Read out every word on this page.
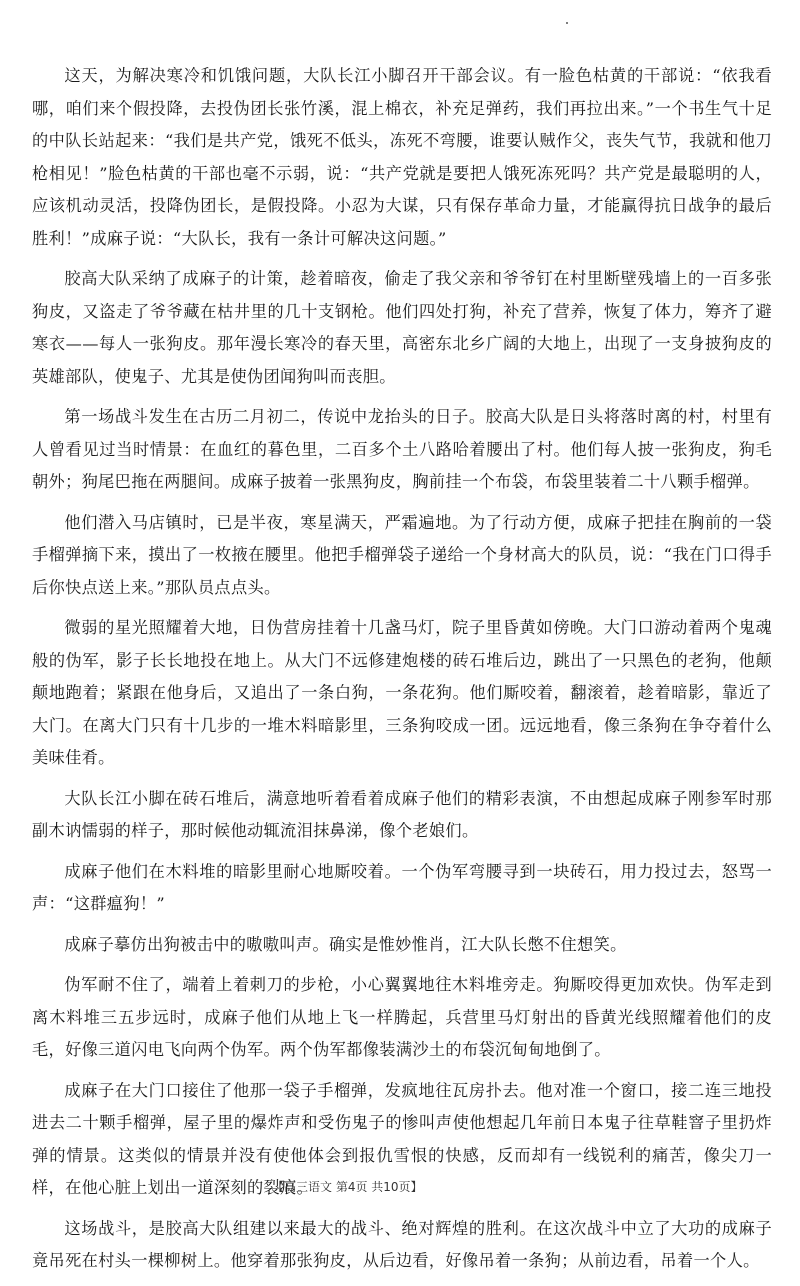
这天，为解决寒冷和饥饿问题，大队长江小脚召开干部会议。有一脸色枯黄的干部说：“依我看哪，咱们来个假投降，去投伪团长张竹溪，混上棉衣，补充足弹药，我们再拉出来。”一个书生气十足的中队长站起来：“我们是共产党，饿死不低头，冻死不弯腰，谁要认贼作父，丧失气节，我就和他刀枪相见！”脸色枯黄的干部也毫不示弱，说：“共产党就是要把人饿死冻死吗？共产党是最聪明的人，应该机动灵活，投降伪团长，是假投降。小忍为大谋，只有保存革命力量，才能赢得抗日战争的最后胜利！”成麻子说：“大队长，我有一条计可解决这问题。”

胶高大队采纳了成麻子的计策，趁着暗夜，偷走了我父亲和爷爷钉在村里断壁残墙上的一百多张狗皮，又盗走了爷爷藏在枯井里的几十支钢枪。他们四处打狗，补充了营养，恢复了体力，筹齐了避寒衣——每人一张狗皮。那年漫长寒冷的春天里，高密东北乡广阔的大地上，出现了一支身披狗皮的英雄部队，使鬼子、尤其是使伪团闻狗叫而丧胆。

第一场战斗发生在古历二月初二，传说中龙抬头的日子。胶高大队是日头将落时离的村，村里有人曾看见过当时情景：在血红的暮色里，二百多个土八路哈着腰出了村。他们每人披一张狗皮，狗毛朝外；狗尾巴拖在两腿间。成麻子披着一张黑狗皮，胸前挂一个布袋，布袋里装着二十八颗手榴弹。

他们潜入马店镇时，已是半夜，寒星满天，严霜遍地。为了行动方便，成麻子把挂在胸前的一袋手榴弹摘下来，摸出了一枚掖在腰里。他把手榴弹袋子递给一个身材高大的队员，说：“我在门口得手后你快点送上来。”那队员点点头。

微弱的星光照耀着大地，日伪营房挂着十几盏马灯，院子里昏黄如傍晚。大门口游动着两个鬼魂般的伪军，影子长长地投在地上。从大门不远修建炮楼的砖石堆后边，跳出了一只黑色的老狗，他颠颠地跑着；紧跟在他身后，又追出了一条白狗，一条花狗。他们厮咬着，翻滚着，趁着暗影，靠近了大门。在离大门只有十几步的一堆木料暗影里，三条狗咬成一团。远远地看，像三条狗在争夺着什么美味佳肴。

大队长江小脚在砖石堆后，满意地听着看着成麻子他们的精彩表演，不由想起成麻子刚参军时那副木讷懦弱的样子，那时候他动辄流泪抹鼻涕，像个老娘们。

成麻子他们在木料堆的暗影里耐心地厮咬着。一个伪军弯腰寻到一块砖石，用力投过去，怒骂一声：“这群瘟狗！”

成麻子摹仿出狗被击中的嗷嗷叫声。确实是惟妙惟肖，江大队长憋不住想笑。

伪军耐不住了，端着上着刺刀的步枪，小心翼翼地往木料堆旁走。狗厮咬得更加欢快。伪军走到离木料堆三五步远时，成麻子他们从地上飞一样腾起，兵营里马灯射出的昏黄光线照耀着他们的皮毛，好像三道闪电飞向两个伪军。两个伪军都像装满沙土的布袋沉甸甸地倒了。

成麻子在大门口接住了他那一袋子手榴弹，发疯地往瓦房扑去。他对准一个窗口，接二连三地投进去二十颗手榴弹，屋子里的爆炸声和受伤鬼子的惨叫声使他想起几年前日本鬼子往草鞋窨子里扔炸弹的情景。这类似的情景并没有使他体会到报仇雪恨的快感，反而却有一线锐利的痛苦，像尖刀一样，在他心脏上划出一道深刻的裂痕。

这场战斗，是胶高大队组建以来最大的战斗、绝对辉煌的胜利。在这次战斗中立了大功的成麻子竟吊死在村头一棵柳树上。他穿着那张狗皮，从后边看，好像吊着一条狗；从前边看，吊着一个人。

【高三语文 第4页 共10页】
